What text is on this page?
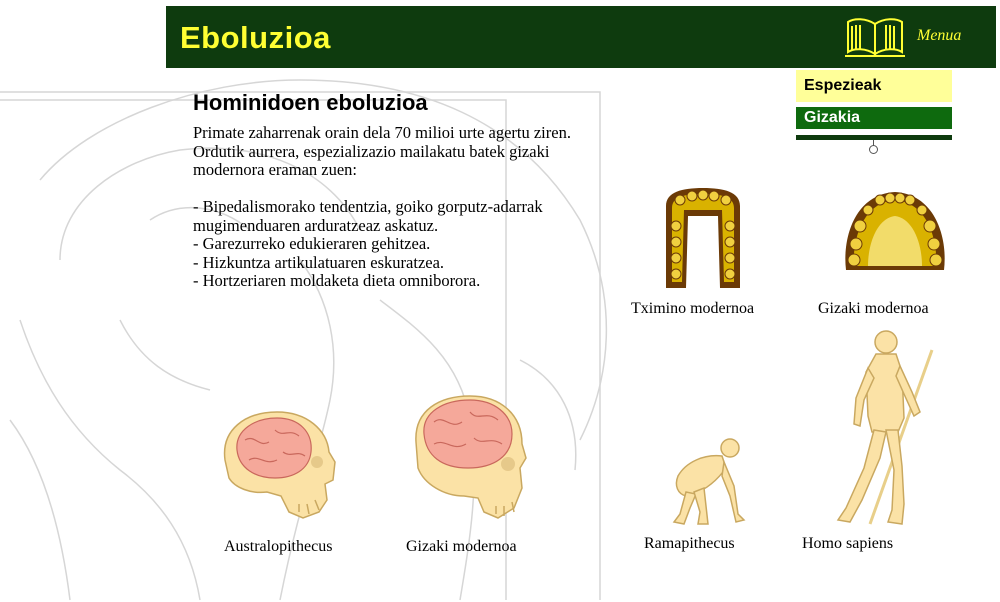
Eboluzioa	Menua
Espezieak
Gizakia
Hominidoen eboluzioa

Primate zaharrenak orain dela 70 milioi urte agertu ziren. Ordutik aurrera, espezializazio mailakatu batek gizaki modernora eraman zuen:

- Bipedalismorako tendentzia, goiko gorputz-adarrak mugimenduaren arduratzeaz askatuz.

- Garezurreko edukieraren gehitzea.

- Hizkuntza artikulatuaren eskuratzea.

- Hortzeriaren moldaketa dieta omniborora.

Australopithecus	Gizaki modernoa
Tximino modernoa	Gizaki modernoa
Ramapithecus	Homo sapiens
